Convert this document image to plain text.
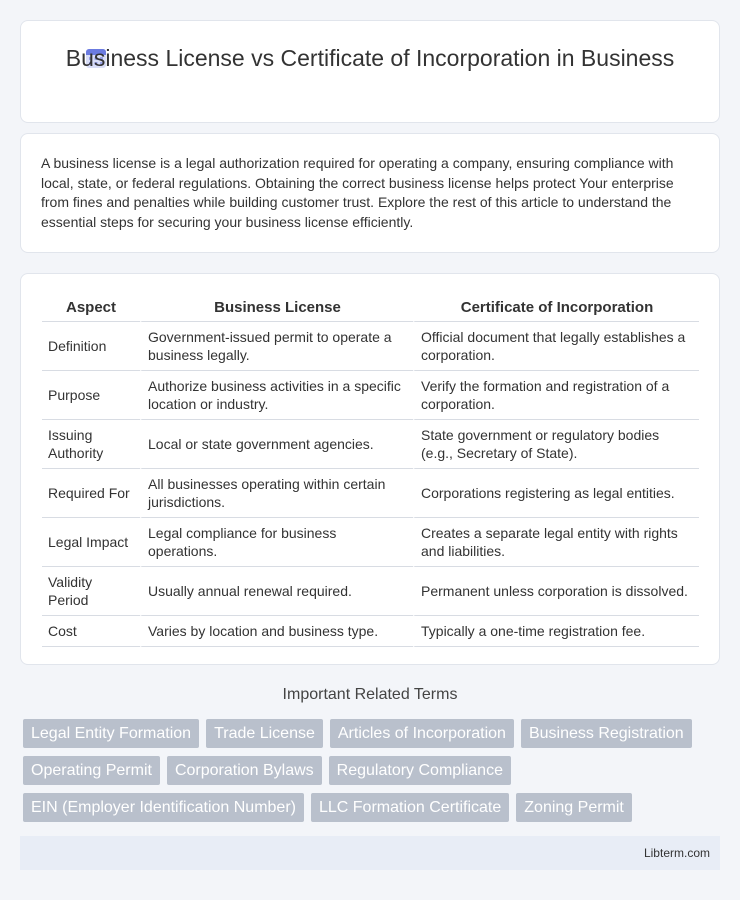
Business License vs Certificate of Incorporation in Business

A business license is a legal authorization required for operating a company, ensuring compliance with local, state, or federal regulations. Obtaining the correct business license helps protect Your enterprise from fines and penalties while building customer trust. Explore the rest of this article to understand the essential steps for securing your business license efficiently.

Aspect	Business License	Certificate of Incorporation
Definition	Government-issued permit to operate a business legally.	Official document that legally establishes a corporation.
Purpose	Authorize business activities in a specific location or industry.	Verify the formation and registration of a corporation.
Issuing Authority	Local or state government agencies.	State government or regulatory bodies (e.g., Secretary of State).
Required For	All businesses operating within certain jurisdictions.	Corporations registering as legal entities.
Legal Impact	Legal compliance for business operations.	Creates a separate legal entity with rights and liabilities.
Validity Period	Usually annual renewal required.	Permanent unless corporation is dissolved.
Cost	Varies by location and business type.	Typically a one-time registration fee.
Important Related Terms
Legal Entity Formation	Trade License	Articles of Incorporation	Business Registration
Operating Permit	Corporation Bylaws	Regulatory Compliance
EIN (Employer Identification Number)	LLC Formation Certificate	Zoning Permit
Libterm.com
